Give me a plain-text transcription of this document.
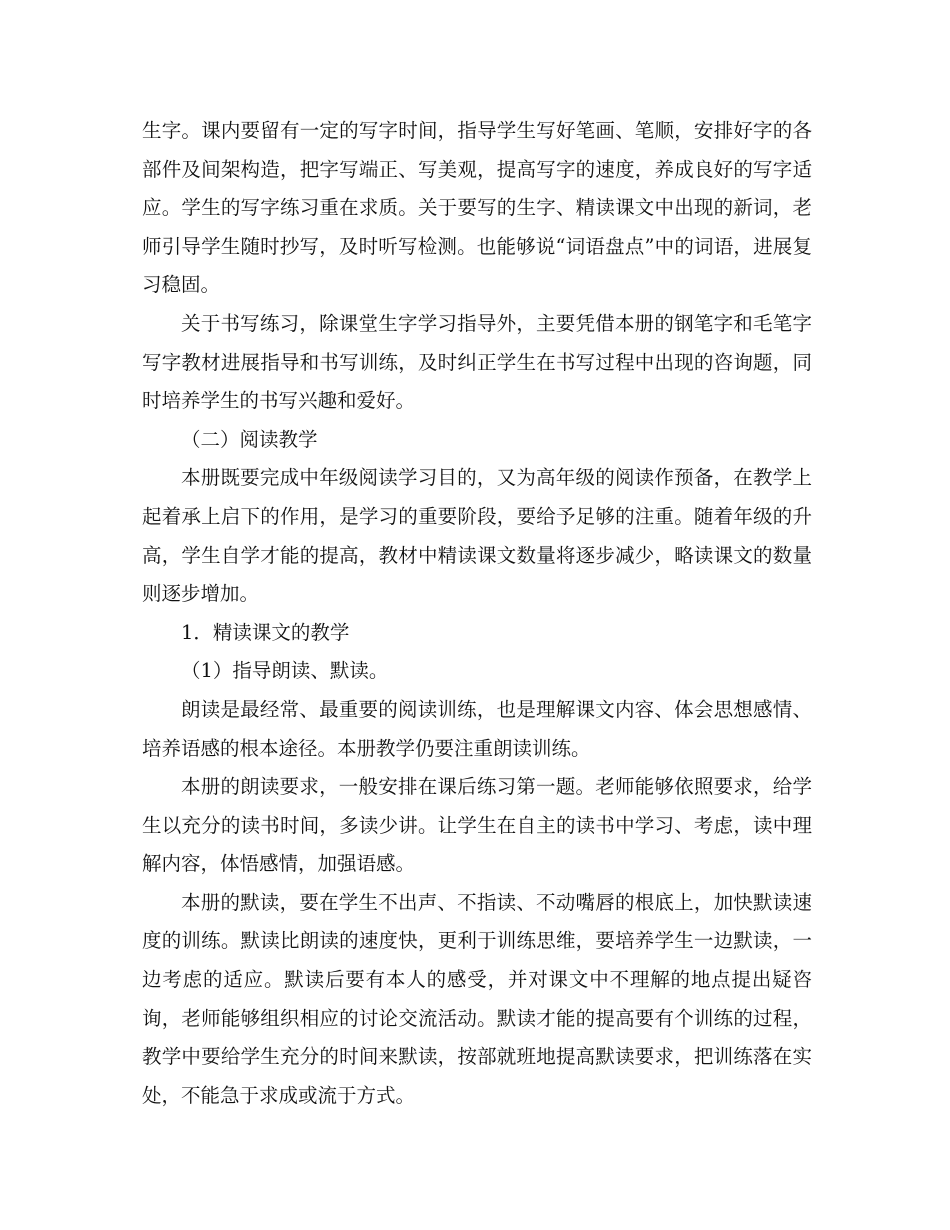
生字。课内要留有一定的写字时间，指导学生写好笔画、笔顺，安排好字的各部件及间架构造，把字写端正、写美观，提高写字的速度，养成良好的写字适应。学生的写字练习重在求质。关于要写的生字、精读课文中出现的新词，老师引导学生随时抄写，及时听写检测。也能够说“词语盘点”中的词语，进展复习稳固。

关于书写练习，除课堂生字学习指导外，主要凭借本册的钢笔字和毛笔字写字教材进展指导和书写训练，及时纠正学生在书写过程中出现的咨询题，同时培养学生的书写兴趣和爱好。

（二）阅读教学

本册既要完成中年级阅读学习目的，又为高年级的阅读作预备，在教学上起着承上启下的作用，是学习的重要阶段，要给予足够的注重。随着年级的升高，学生自学才能的提高，教材中精读课文数量将逐步减少，略读课文的数量则逐步增加。

1．精读课文的教学

（1）指导朗读、默读。

朗读是最经常、最重要的阅读训练，也是理解课文内容、体会思想感情、培养语感的根本途径。本册教学仍要注重朗读训练。

本册的朗读要求，一般安排在课后练习第一题。老师能够依照要求，给学生以充分的读书时间，多读少讲。让学生在自主的读书中学习、考虑，读中理解内容，体悟感情，加强语感。

本册的默读，要在学生不出声、不指读、不动嘴唇的根底上，加快默读速度的训练。默读比朗读的速度快，更利于训练思维，要培养学生一边默读，一边考虑的适应。默读后要有本人的感受，并对课文中不理解的地点提出疑咨询，老师能够组织相应的讨论交流活动。默读才能的提高要有个训练的过程，教学中要给学生充分的时间来默读，按部就班地提高默读要求，把训练落在实处，不能急于求成或流于方式。
